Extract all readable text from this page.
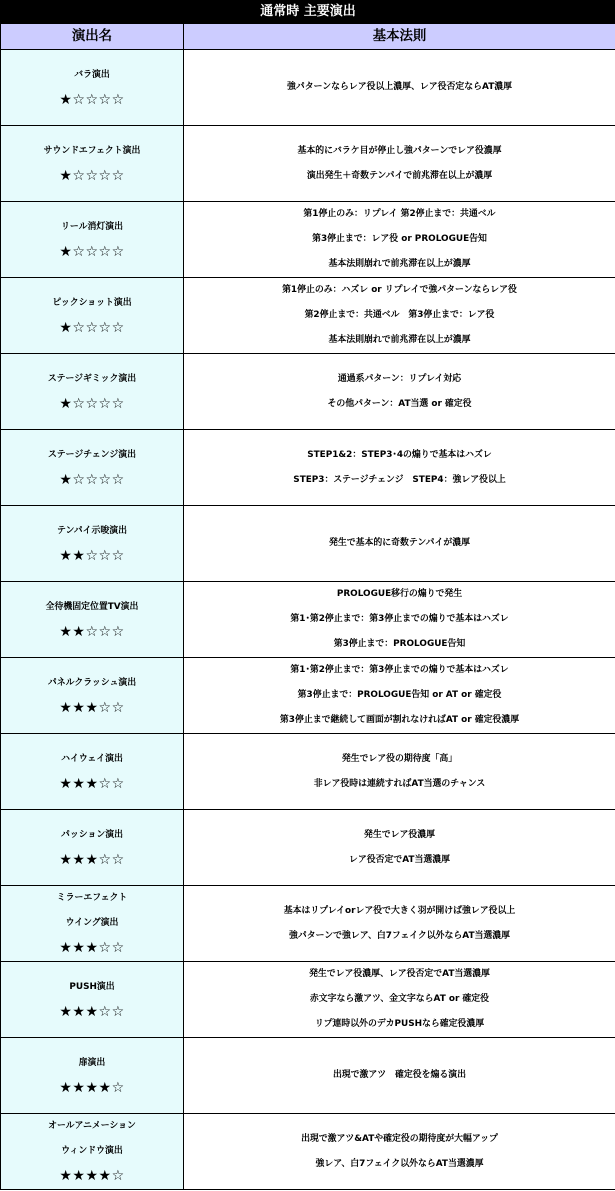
通常時 主要演出	
演出名	基本法則

バラ演出
★☆☆☆☆	強パターンならレア役以上濃厚、レア役否定ならAT濃厚

サウンドエフェクト演出
★☆☆☆☆	基本的にバラケ目が停止し強パターンでレア役濃厚
演出発生＋奇数テンパイで前兆滞在以上が濃厚

リール消灯演出
★☆☆☆☆	第1停止のみ：リプレイ 第2停止まで：共通ベル
第3停止まで：レア役 or PROLOGUE告知
基本法則崩れで前兆滞在以上が濃厚

ピックショット演出
★☆☆☆☆	第1停止のみ：ハズレ or リプレイで強パターンならレア役
第2停止まで：共通ベル　第3停止まで：レア役
基本法則崩れで前兆滞在以上が濃厚

ステージギミック演出
★☆☆☆☆	通過系パターン：リプレイ対応
その他パターン：AT当選 or 確定役

ステージチェンジ演出
★☆☆☆☆	STEP1&2：STEP3･4の煽りで基本はハズレ
STEP3：ステージチェンジ　STEP4：強レア役以上

テンパイ示唆演出
★★☆☆☆	発生で基本的に奇数テンパイが濃厚

全待機固定位置TV演出
★★☆☆☆	PROLOGUE移行の煽りで発生
第1･第2停止まで：第3停止までの煽りで基本はハズレ
第3停止まで：PROLOGUE告知

パネルクラッシュ演出
★★★☆☆	第1･第2停止まで：第3停止までの煽りで基本はハズレ
第3停止まで：PROLOGUE告知 or AT or 確定役
第3停止まで継続して画面が割れなければAT or 確定役濃厚

ハイウェイ演出
★★★☆☆	発生でレア役の期待度「高」
非レア役時は連続すればAT当選のチャンス

パッション演出
★★★☆☆	発生でレア役濃厚
レア役否定でAT当選濃厚

ミラーエフェクト
ウイング演出
★★★☆☆	基本はリプレイorレア役で大きく羽が開けば強レア役以上
強パターンで強レア、白7フェイク以外ならAT当選濃厚

PUSH演出
★★★☆☆	発生でレア役濃厚、レア役否定でAT当選濃厚
赤文字なら激アツ、金文字ならAT or 確定役
リプ連時以外のデカPUSHなら確定役濃厚

扉演出
★★★★☆	出現で激アツ　確定役を煽る演出

オールアニメーション
ウィンドウ演出
★★★★☆	出現で激アツ&ATや確定役の期待度が大幅アップ
強レア、白7フェイク以外ならAT当選濃厚
